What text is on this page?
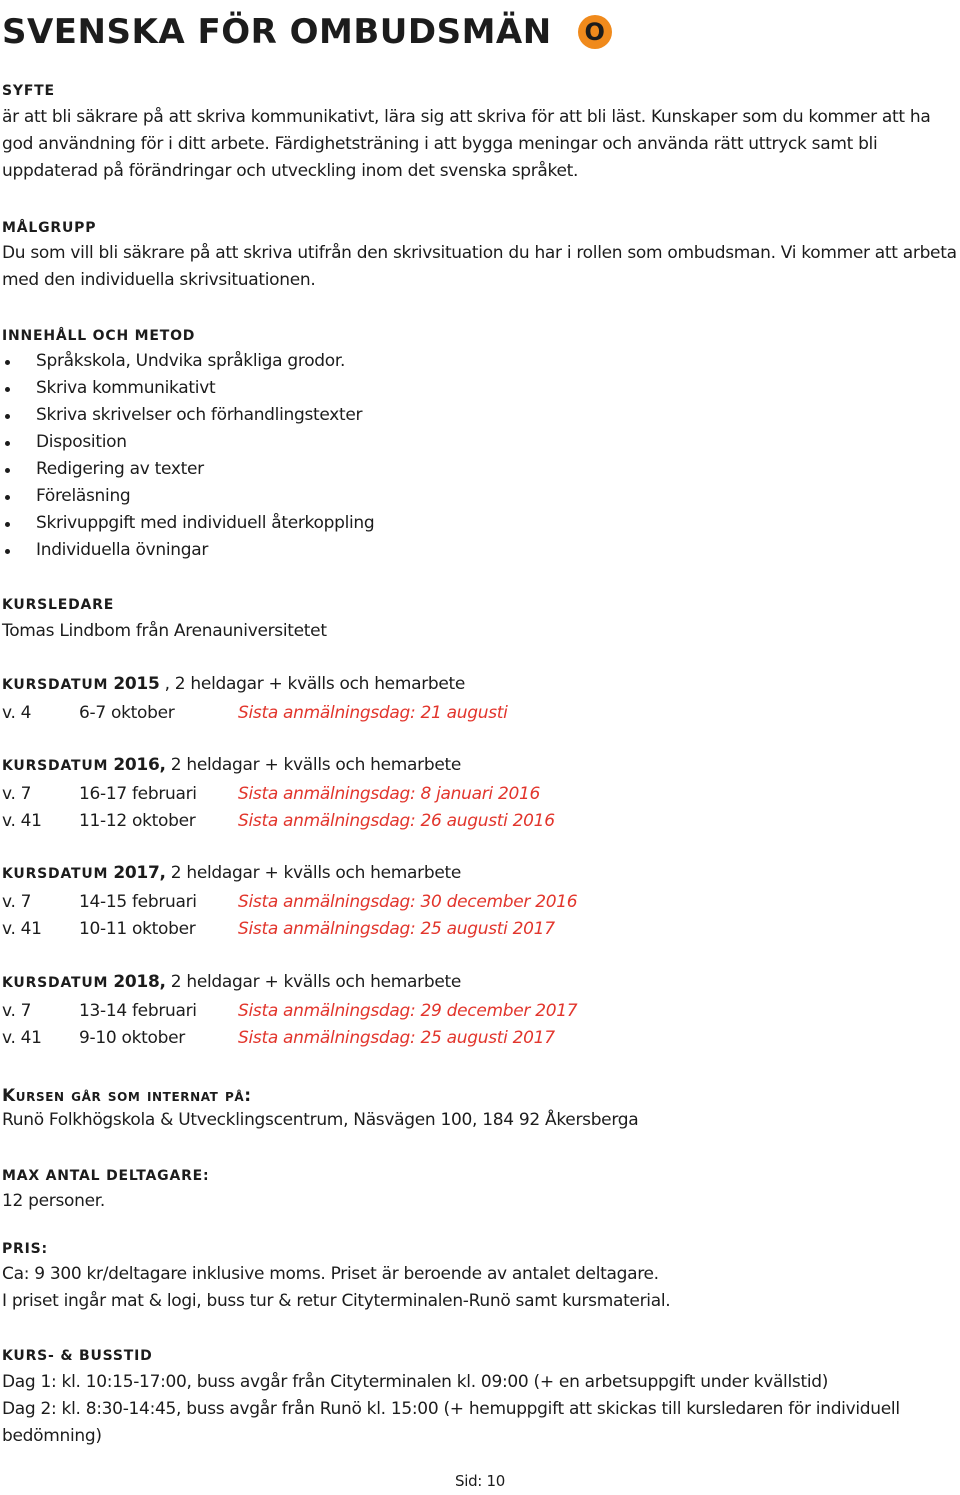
SVENSKA FÖR OMBUDSMÄN O
SYFTE
är att bli säkrare på att skriva kommunikativt, lära sig att skriva för att bli läst. Kunskaper som du kommer att ha god användning för i ditt arbete. Färdighetsträning i att bygga meningar och använda rätt uttryck samt bli uppdaterad på förändringar och utveckling inom det svenska språket.
MÅLGRUPP
Du som vill bli säkrare på att skriva utifrån den skrivsituation du har i rollen som ombudsman. Vi kommer att arbeta med den individuella skrivsituationen.
INNEHÅLL OCH METOD
Språkskola, Undvika språkliga grodor.
Skriva kommunikativt
Skriva skrivelser och förhandlingstexter
Disposition
Redigering av texter
Föreläsning
Skrivuppgift med individuell återkoppling
Individuella övningar
KURSLEDARE
Tomas Lindbom från Arenauniversitetet
KURSDATUM 2015 , 2 heldagar + kvälls och hemarbete
v. 4	6-7 oktober	Sista anmälningsdag: 21 augusti
KURSDATUM 2016, 2 heldagar + kvälls och hemarbete
v. 7	16-17 februari Sista anmälningsdag: 8 januari 2016
v. 41 11-12 oktober	Sista anmälningsdag: 26 augusti 2016
KURSDATUM 2017, 2 heldagar + kvälls och hemarbete
v. 7	14-15 februari Sista anmälningsdag: 30 december 2016
v. 41 10-11 oktober	Sista anmälningsdag: 25 augusti 2017
KURSDATUM 2018, 2 heldagar + kvälls och hemarbete
v. 7	13-14 februari Sista anmälningsdag: 29 december 2017
v. 41 9-10 oktober	Sista anmälningsdag: 25 augusti 2017
Kursen går som internat på:
Runö Folkhögskola & Utvecklingscentrum, Näsvägen 100, 184 92 Åkersberga
MAX ANTAL DELTAGARE:
12 personer.
PRIS:
Ca: 9 300 kr/deltagare inklusive moms. Priset är beroende av antalet deltagare.
I priset ingår mat & logi, buss tur & retur Cityterminalen-Runö samt kursmaterial.
KURS- & BUSSTID
Dag 1: kl. 10:15-17:00, buss avgår från Cityterminalen kl. 09:00 (+ en arbetsuppgift under kvällstid)
Dag 2: kl. 8:30-14:45, buss avgår från Runö kl. 15:00 (+ hemuppgift att skickas till kursledaren för individuell bedömning)
Sid: 10
